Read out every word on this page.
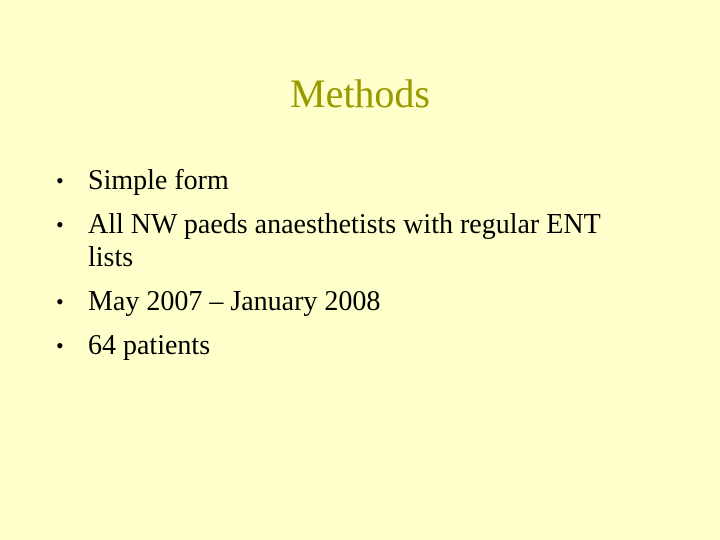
Methods
• Simple form
• All NW paeds anaesthetists with regular ENT lists
• May 2007 – January 2008
• 64 patients
